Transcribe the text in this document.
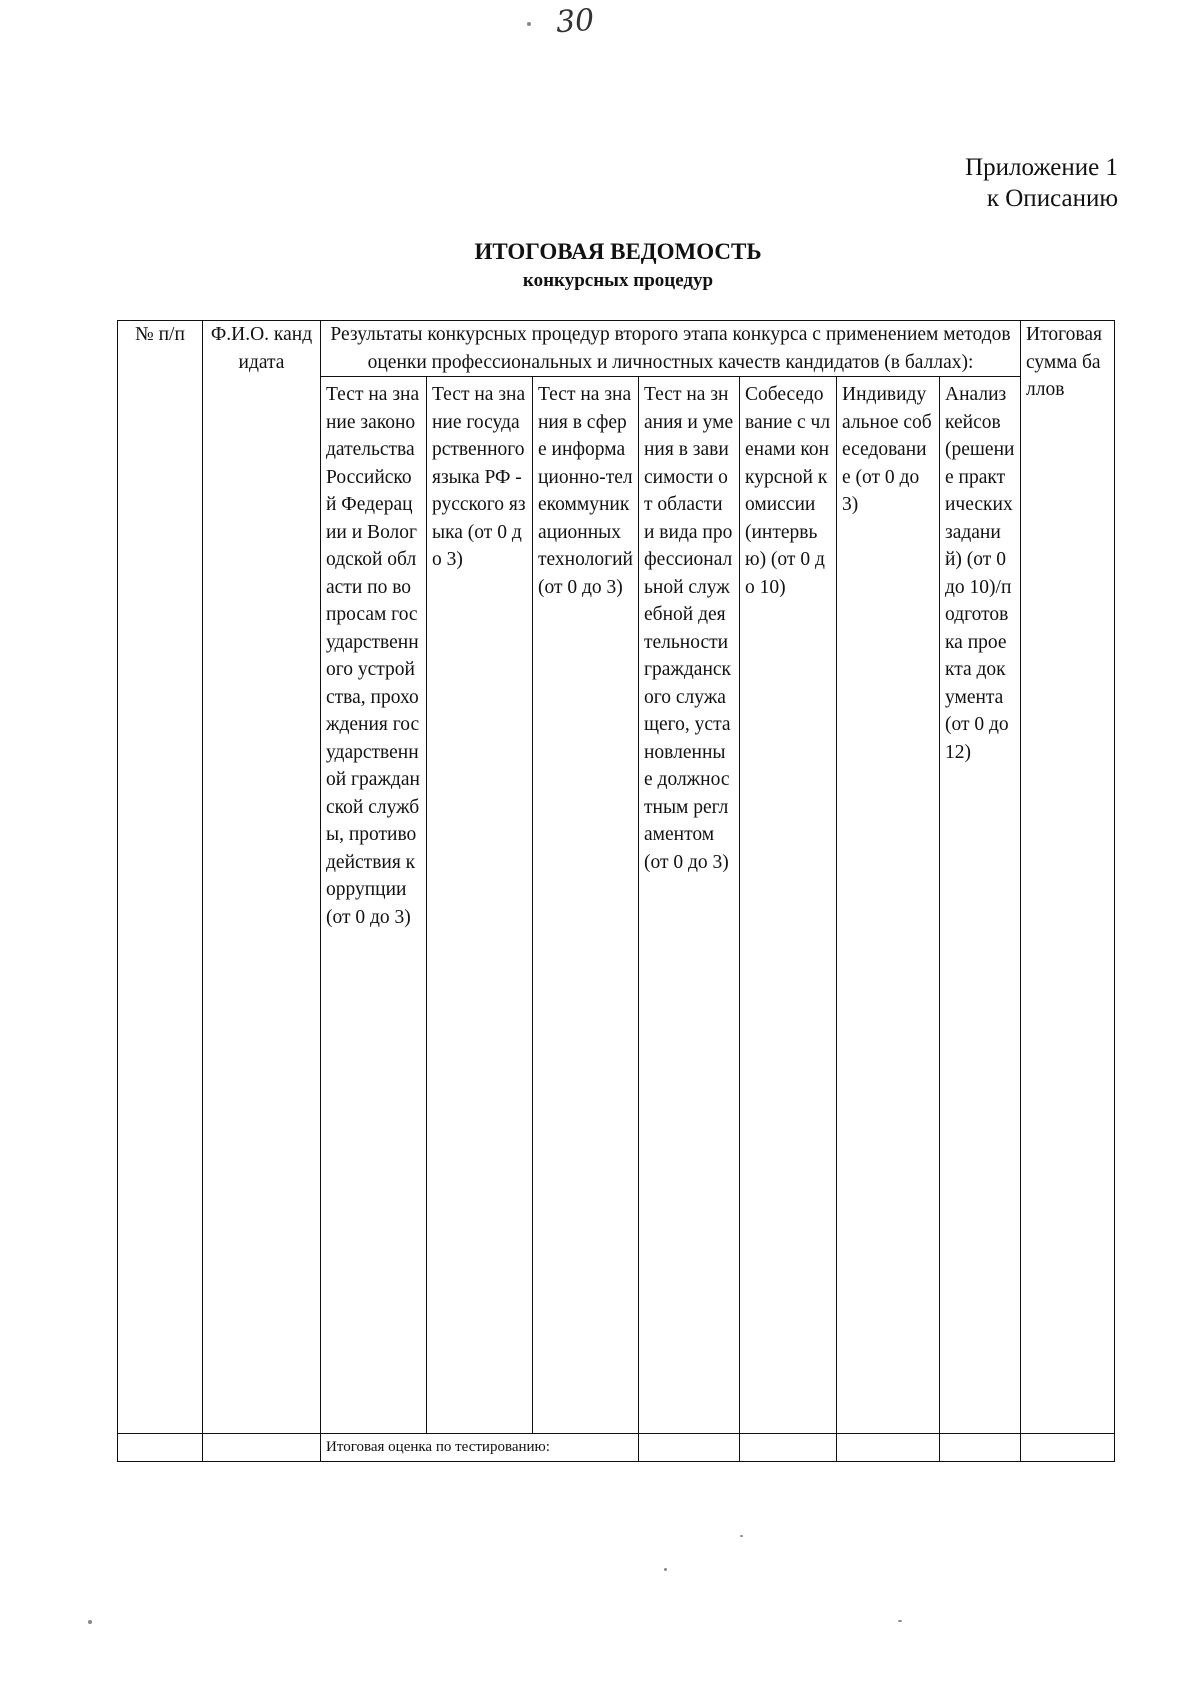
30
Приложение 1
к Описанию
ИТОГОВАЯ ВЕДОМОСТЬ
конкурсных процедур
№ п/п	Ф.И.О. кандидата	Результаты конкурсных процедур второго этапа конкурса с применением методов оценки профессиональных и личностных качеств кандидатов (в баллах):							Итоговая сумма баллов
		Тест на знание законодательства Российской Федерации и Вологодской области по вопросам государственного устройства, прохождения государственной гражданской службы, противодействия коррупции (от 0 до 3)	Тест на знание государственного языка РФ - русского языка (от 0 до 3)	Тест на знания в сфере информационно-телекоммуникационных технологий (от 0 до 3)	Тест на знания и умения в зависимости от области и вида профессиональной служебной деятельности гражданского служащего, установленные должностным регламентом (от 0 до 3)	Собеседование с членами конкурсной комиссии (интервью) (от 0 до 10)	Индивидуальное собеседование (от 0 до 3)	Анализ кейсов (решение практических заданий) (от 0 до 10)/подготовка проекта документа (от 0 до 12)	
		Итоговая оценка по тестированию:							
